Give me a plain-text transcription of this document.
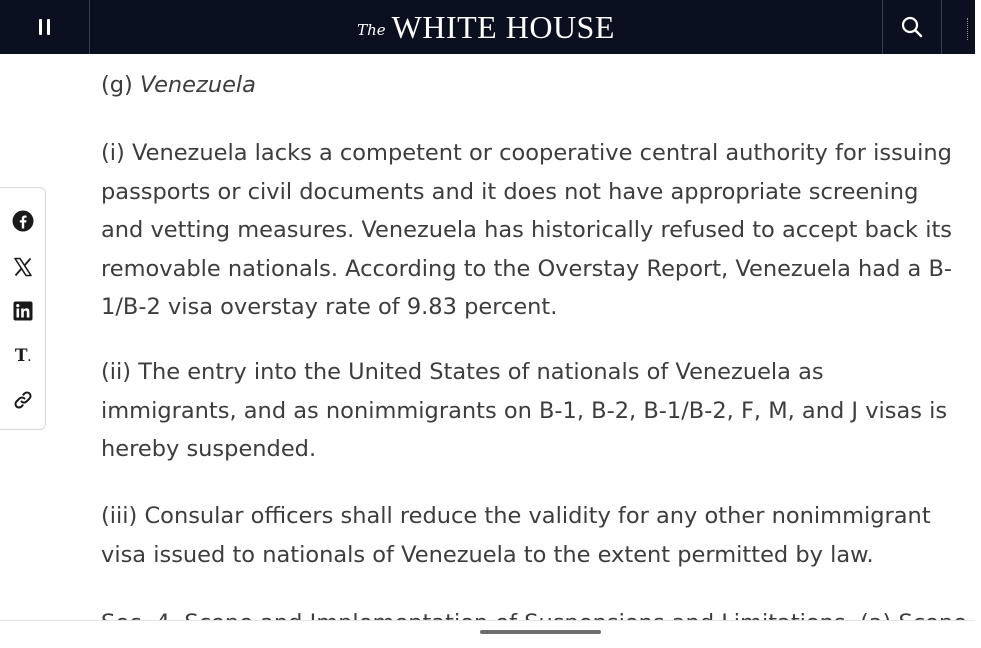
The WHITE HOUSE
T.

(g) Venezuela

(i) Venezuela lacks a competent or cooperative central authority for issuing passports or civil documents and it does not have appropriate screening and vetting measures. Venezuela has historically refused to accept back its removable nationals. According to the Overstay Report, Venezuela had a B-1/B-2 visa overstay rate of 9.83 percent.

(ii) The entry into the United States of nationals of Venezuela as immigrants, and as nonimmigrants on B-1, B-2, B-1/B-2, F, M, and J visas is hereby suspended.

(iii) Consular officers shall reduce the validity for any other nonimmigrant visa issued to nationals of Venezuela to the extent permitted by law.
